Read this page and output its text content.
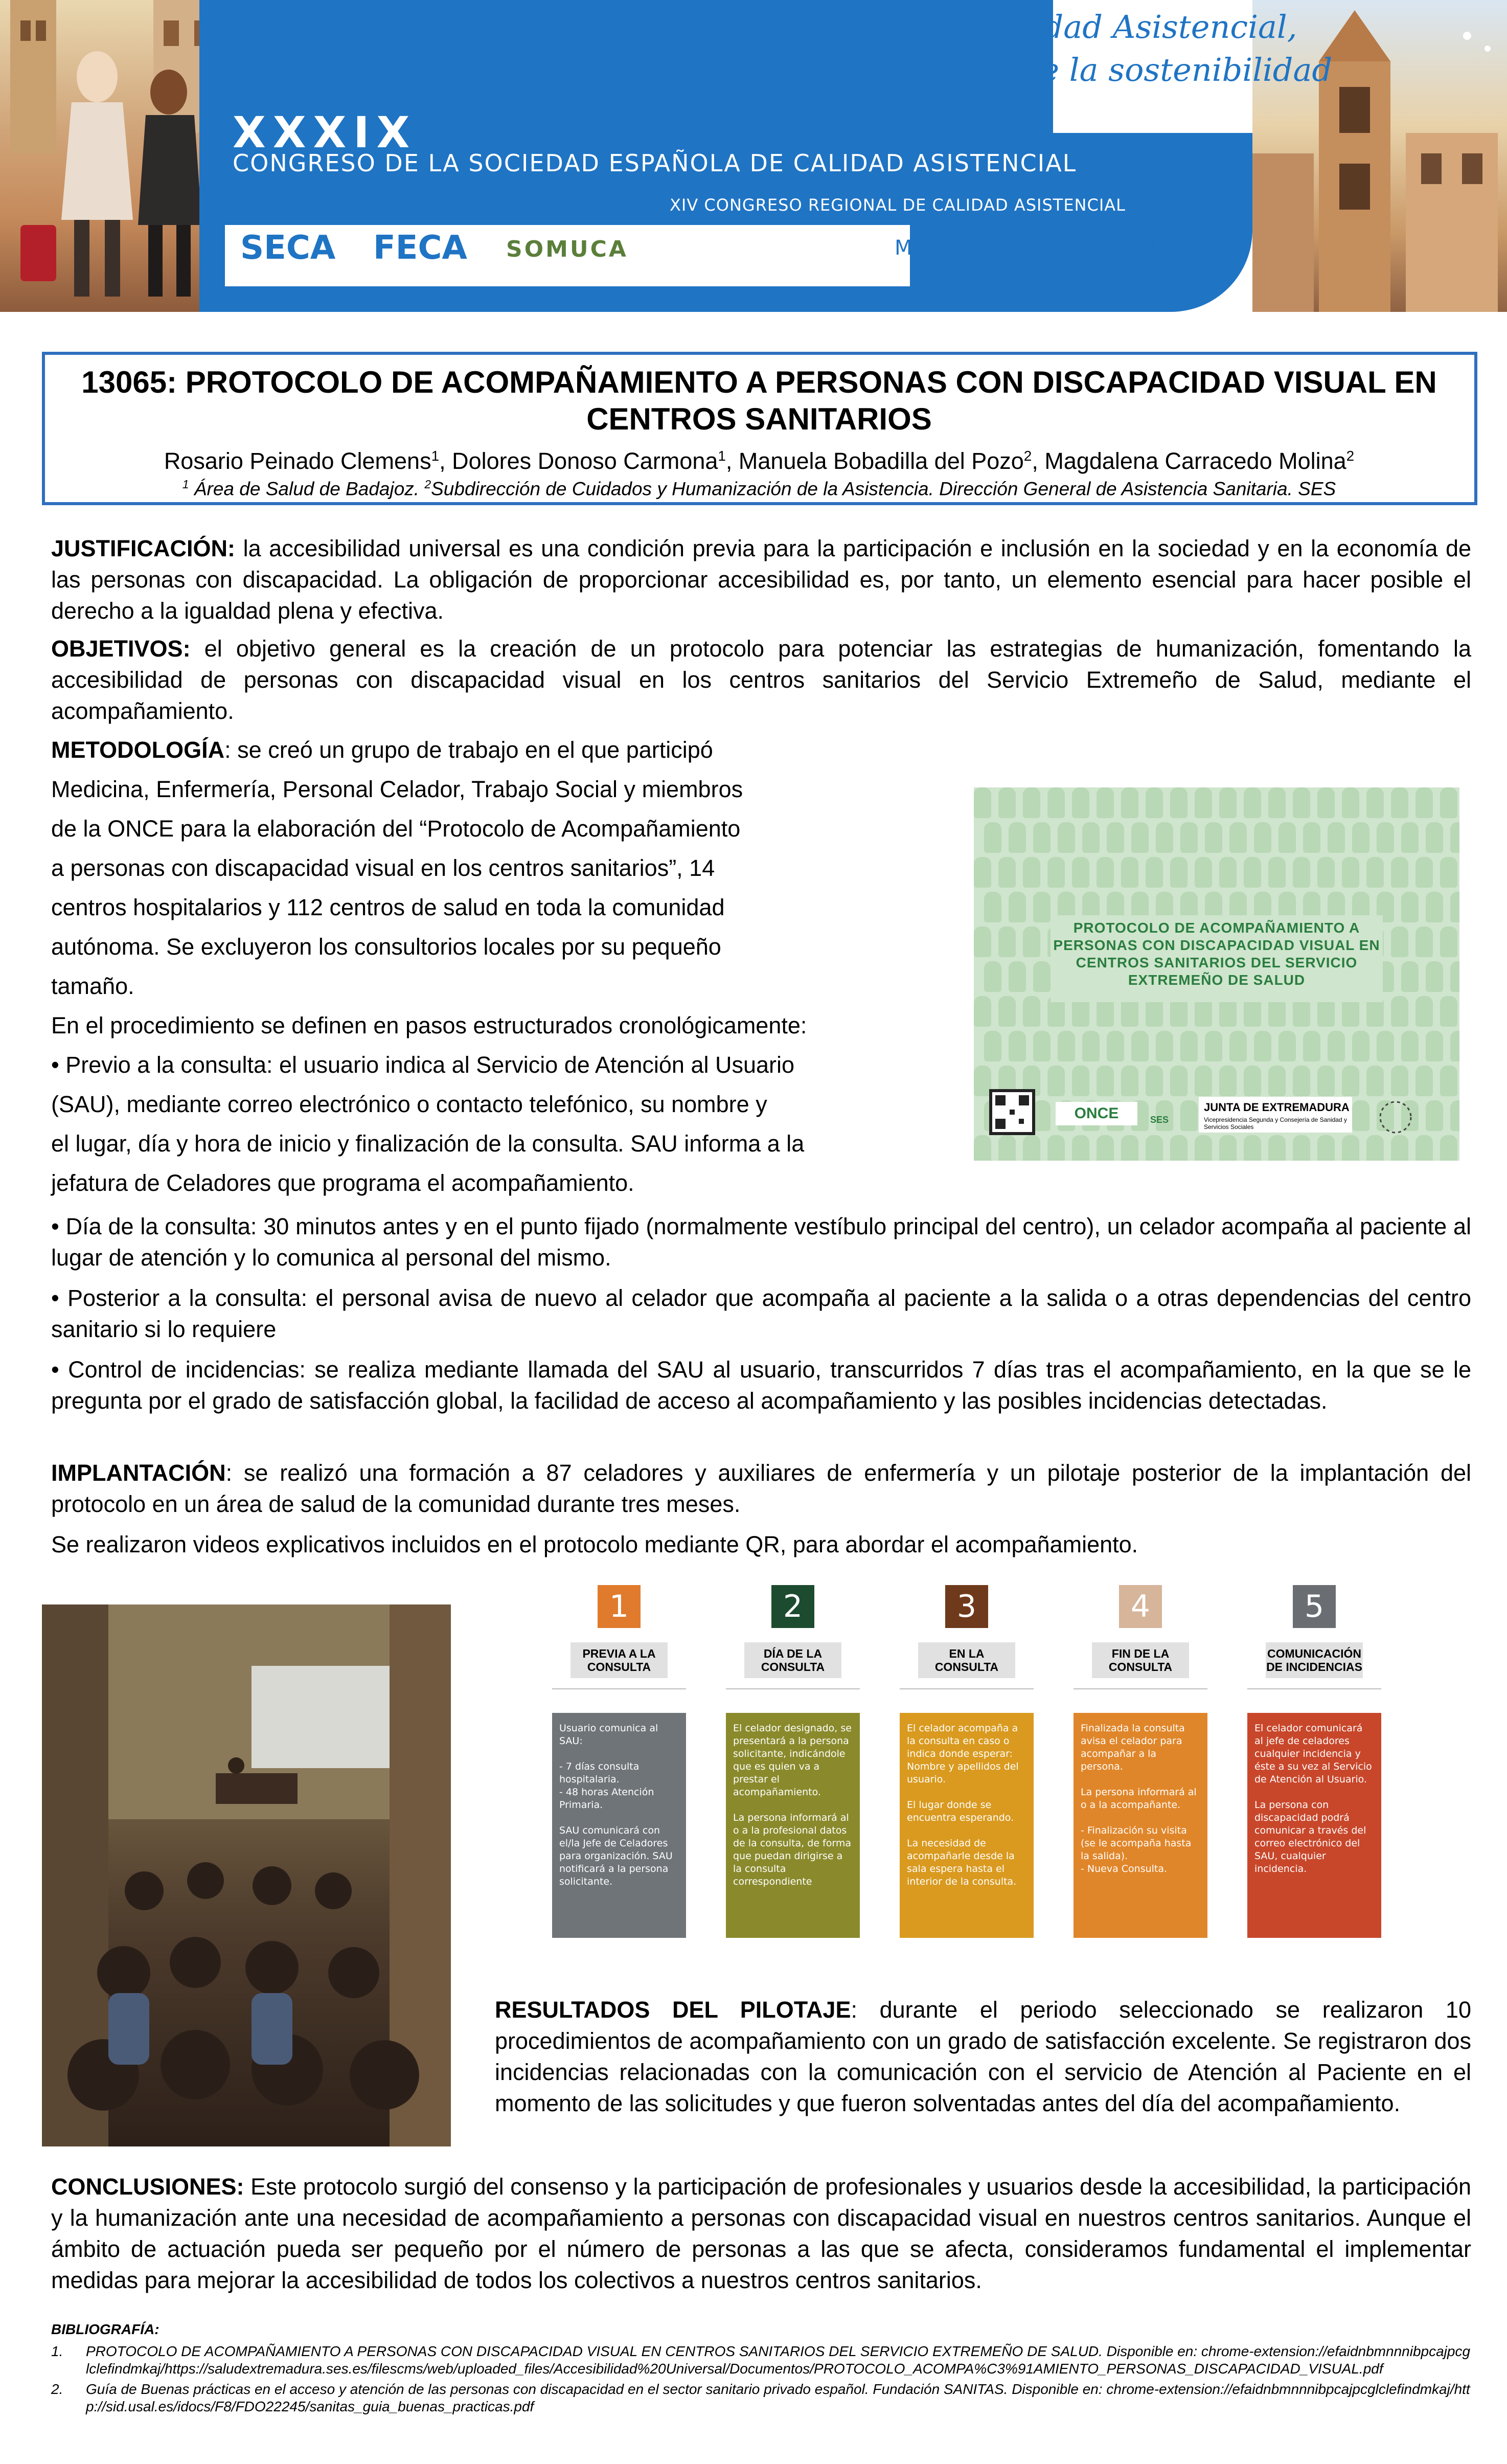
la Calidad Asistencial,
pilar de la sostenibilidad
XXXIX
CONGRESO DE LA SOCIEDAD ESPAÑOLA DE CALIDAD ASISTENCIAL
XIV CONGRESO REGIONAL DE CALIDAD ASISTENCIAL
SECA FECA SOMUCA	Murcia, 25-27 octubre 2023
13065: PROTOCOLO DE ACOMPAÑAMIENTO A PERSONAS CON DISCAPACIDAD VISUAL EN CENTROS SANITARIOS
Rosario Peinado Clemens$^1$, Dolores Donoso Carmona$^1$, Manuela Bobadilla del Pozo$^2$, Magdalena Carracedo Molina$^2$
$^1$ Área de Salud de Badajoz. $^2$Subdirección de Cuidados y Humanización de la Asistencia. Dirección General de Asistencia Sanitaria. SES
JUSTIFICACIÓN: la accesibilidad universal es una condición previa para la participación e inclusión en la sociedad y en la economía de las personas con discapacidad. La obligación de proporcionar accesibilidad es, por tanto, un elemento esencial para hacer posible el derecho a la igualdad plena y efectiva.
OBJETIVOS: el objetivo general es la creación de un protocolo para potenciar las estrategias de humanización, fomentando la accesibilidad de personas con discapacidad visual en los centros sanitarios del Servicio Extremeño de Salud, mediante el acompañamiento.
METODOLOGÍA: se creó un grupo de trabajo en el que participó
Medicina, Enfermería, Personal Celador, Trabajo Social y miembros
de la ONCE para la elaboración del “Protocolo de Acompañamiento
a personas con discapacidad visual en los centros sanitarios”, 14
centros hospitalarios y 112 centros de salud en toda la comunidad
autónoma. Se excluyeron los consultorios locales por su pequeño
tamaño.
En el procedimiento se definen en pasos estructurados cronológicamente:
• Previo a la consulta: el usuario indica al Servicio de Atención al Usuario
(SAU), mediante correo electrónico o contacto telefónico, su nombre y
el lugar, día y hora de inicio y finalización de la consulta. SAU informa a la
jefatura de Celadores que programa el acompañamiento.
ONCE	SES
JUNTA DE EXTREMADURA
Vicepresidencia Segunda y Consejería de Sanidad y Servicios Sociales
PROTOCOLO DE ACOMPAÑAMIENTO A PERSONAS CON DISCAPACIDAD VISUAL EN CENTROS SANITARIOS DEL SERVICIO EXTREMEÑO DE SALUD
• Día de la consulta: 30 minutos antes y en el punto fijado (normalmente vestíbulo principal del centro), un celador acompaña al paciente al lugar de atención y lo comunica al personal del mismo.
• Posterior a la consulta: el personal avisa de nuevo al celador que acompaña al paciente a la salida o a otras dependencias del centro sanitario si lo requiere
• Control de incidencias: se realiza mediante llamada del SAU al usuario, transcurridos 7 días tras el acompañamiento, en la que se le pregunta por el grado de satisfacción global, la facilidad de acceso al acompañamiento y las posibles incidencias detectadas.
IMPLANTACIÓN: se realizó una formación a 87 celadores y auxiliares de enfermería y un pilotaje posterior de la implantación del protocolo en un área de salud de la comunidad durante tres meses.
Se realizaron videos explicativos incluidos en el protocolo mediante QR, para abordar el acompañamiento.
1
PREVIA A LA CONSULTA
Usuario comunica al SAU:

- 7 días consulta
hospitalaria.
- 48 horas Atención
Primaria.

SAU comunicará con el/la Jefe de Celadores para organización. SAU notificará a la persona solicitante.
2
DÍA DE LA CONSULTA
El celador designado, se presentará a la persona solicitante, indicándole que es quien va a prestar el acompañamiento.

La persona informará al o a la profesional datos de la consulta, de forma que puedan dirigirse a la consulta correspondiente
3
EN LA CONSULTA
El celador acompaña a la consulta en caso o indica donde esperar: Nombre y apellidos del usuario.

El lugar donde se encuentra esperando.

La necesidad de acompañarle desde la sala espera hasta el interior de la consulta.
4
FIN DE LA CONSULTA
Finalizada la consulta avisa el celador para acompañar a la persona.

La persona informará al o a la acompañante.

- Finalización su visita (se le acompaña hasta la salida).
- Nueva Consulta.
5
COMUNICACIÓN DE INCIDENCIAS
El celador comunicará al jefe de celadores cualquier incidencia y éste a su vez al Servicio de Atención al Usuario.

La persona con discapacidad podrá comunicar a través del correo electrónico del SAU, cualquier incidencia.
RESULTADOS DEL PILOTAJE: durante el periodo seleccionado se realizaron 10 procedimientos de acompañamiento con un grado de satisfacción excelente. Se registraron dos incidencias relacionadas con la comunicación con el servicio de Atención al Paciente en el momento de las solicitudes y que fueron solventadas antes del día del acompañamiento.
CONCLUSIONES: Este protocolo surgió del consenso y la participación de profesionales y usuarios desde la accesibilidad, la participación y la humanización ante una necesidad de acompañamiento a personas con discapacidad visual en nuestros centros sanitarios. Aunque el ámbito de actuación pueda ser pequeño por el número de personas a las que se afecta, consideramos fundamental el implementar medidas para mejorar la accesibilidad de todos los colectivos a nuestros centros sanitarios.
BIBLIOGRAFÍA:
1. PROTOCOLO DE ACOMPAÑAMIENTO A PERSONAS CON DISCAPACIDAD VISUAL EN CENTROS SANITARIOS DEL SERVICIO EXTREMEÑO DE SALUD. Disponible en: chrome-extension://efaidnbmnnnibpcajpcglclefindmkaj/https://saludextremadura.ses.es/filescms/web/uploaded_files/Accesibilidad%20Universal/Documentos/PROTOCOLO_ACOMPA%C3%91AMIENTO_PERSONAS_DISCAPACIDAD_VISUAL.pdf
2. Guía de Buenas prácticas en el acceso y atención de las personas con discapacidad en el sector sanitario privado español. Fundación SANITAS. Disponible en: chrome-extension://efaidnbmnnnibpcajpcglclefindmkaj/http://sid.usal.es/idocs/F8/FDO22245/sanitas_guia_buenas_practicas.pdf
